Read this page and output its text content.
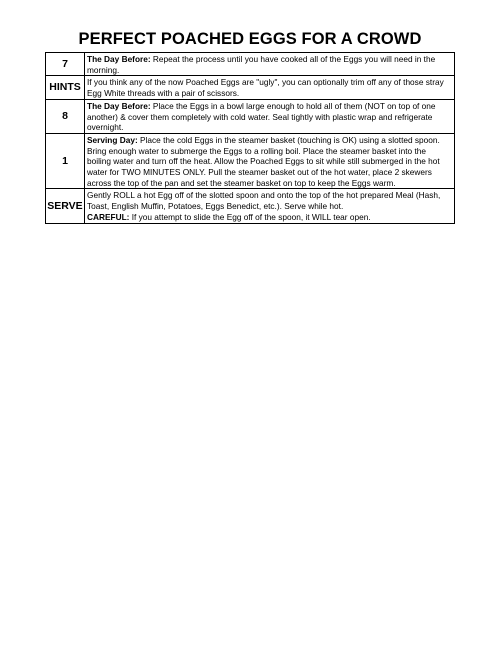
PERFECT POACHED EGGS FOR A CROWD
7	The Day Before: Repeat the process until you have cooked all of the Eggs you will need in the morning.
HINTS	If you think any of the now Poached Eggs are "ugly", you can optionally trim off any of those stray Egg White threads with a pair of scissors.
8	The Day Before: Place the Eggs in a bowl large enough to hold all of them (NOT on top of one another) & cover them completely with cold water. Seal tightly with plastic wrap and refrigerate overnight.
1	Serving Day: Place the cold Eggs in the steamer basket (touching is OK) using a slotted spoon. Bring enough water to submerge the Eggs to a rolling boil. Place the steamer basket into the boiling water and turn off the heat. Allow the Poached Eggs to sit while still submerged in the hot water for TWO MINUTES ONLY. Pull the steamer basket out of the hot water, place 2 skewers across the top of the pan and set the steamer basket on top to keep the Eggs warm.
SERVE	Gently ROLL a hot Egg off of the slotted spoon and onto the top of the hot prepared Meal (Hash, Toast, English Muffin, Potatoes, Eggs Benedict, etc.). Serve while hot.
CAREFUL: If you attempt to slide the Egg off of the spoon, it WILL tear open.
